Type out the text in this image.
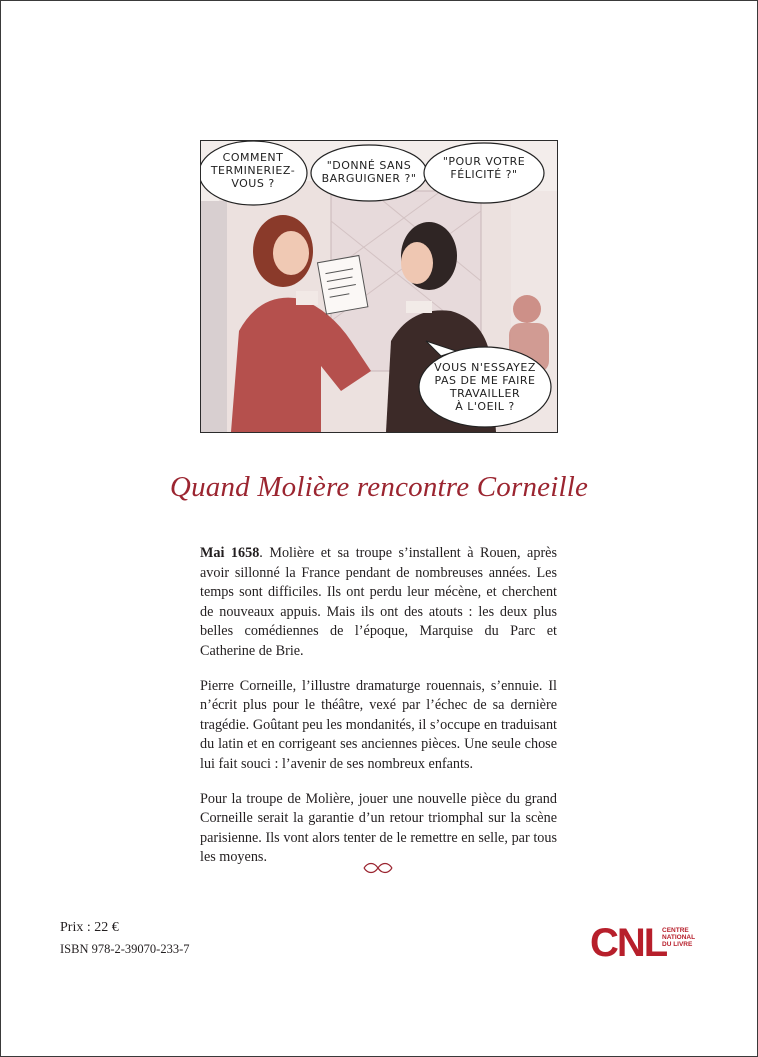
COMMENT
TERMINERIEZ-
VOUS ?
"DONNÉ SANS
BARGUIGNER ?"
"POUR VOTRE
FÉLICITÉ ?"
VOUS N'ESSAYEZ
PAS DE ME FAIRE
TRAVAILLER
À L'OEIL ?
Quand Molière rencontre Corneille

Mai 1658. Molière et sa troupe s’installent à Rouen, après avoir sillonné la France pendant de nombreuses années. Les temps sont difficiles. Ils ont perdu leur mécène, et cherchent de nouveaux appuis. Mais ils ont des atouts : les deux plus belles comédiennes de l’époque, Marquise du Parc et Catherine de Brie.

Pierre Corneille, l’illustre dramaturge rouennais, s’ennuie. Il n’écrit plus pour le théâtre, vexé par l’échec de sa dernière tragédie. Goûtant peu les mondanités, il s’occupe en traduisant du latin et en corrigeant ses anciennes pièces. Une seule chose lui fait souci : l’avenir de ses nombreux enfants.

Pour la troupe de Molière, jouer une nouvelle pièce du grand Corneille serait la garantie d’un retour triomphal sur la scène parisienne. Ils vont alors tenter de le remettre en selle, par tous les moyens.

Prix : 22 €
ISBN 978-2-39070-233-7	CNL
CENTRE
NATIONAL
DU LIVRE
